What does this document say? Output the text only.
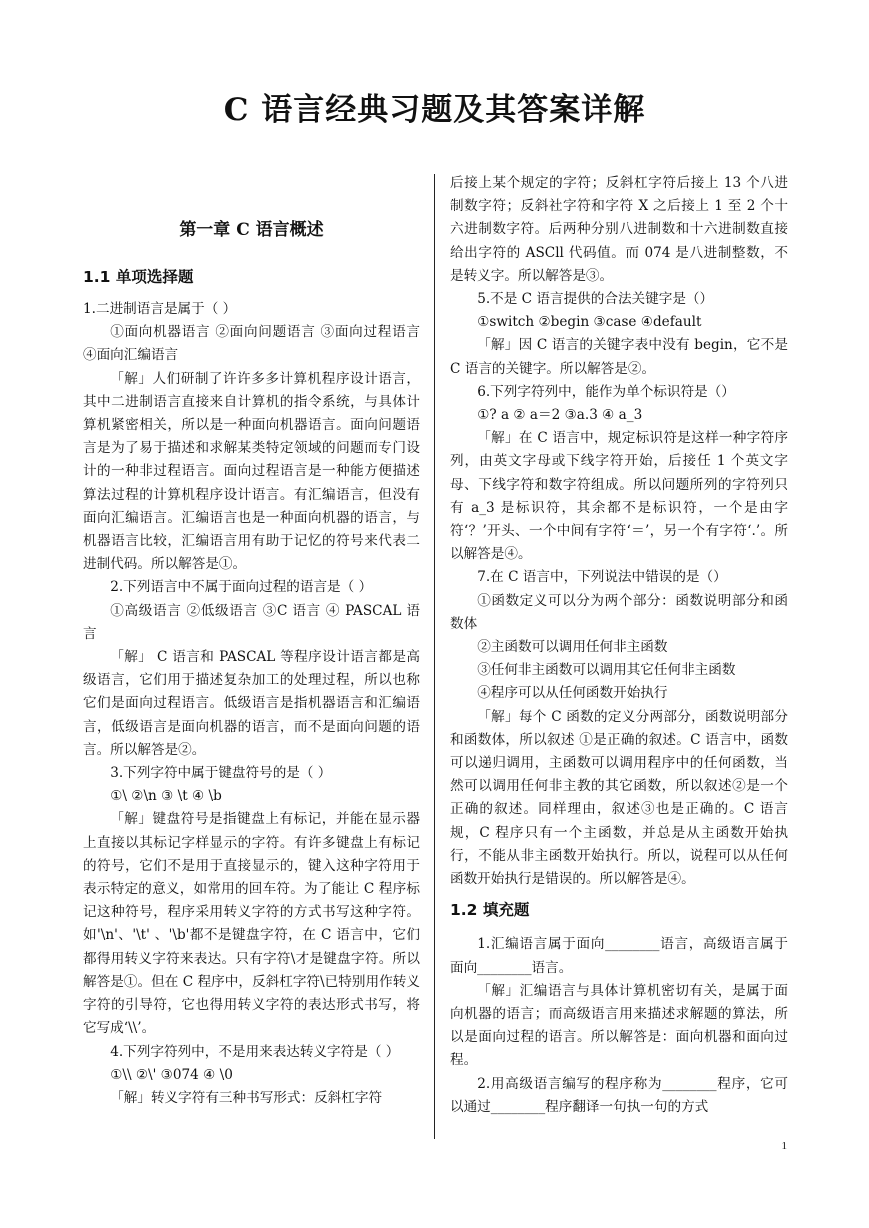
C 语言经典习题及其答案详解
第一章 C 语言概述
1.1 单项选择题

1.二进制语言是属于（ ）

①面向机器语言 ②面向问题语言 ③面向过程语言 ④面向汇编语言

「解」人们研制了许许多多计算机程序设计语言，其中二进制语言直接来自计算机的指令系统，与具体计算机紧密相关，所以是一种面向机器语言。面向问题语言是为了易于描述和求解某类特定领域的问题而专门设计的一种非过程语言。面向过程语言是一种能方便描述算法过程的计算机程序设计语言。有汇编语言，但没有面向汇编语言。汇编语言也是一种面向机器的语言，与机器语言比较，汇编语言用有助于记忆的符号来代表二进制代码。所以解答是①。

2.下列语言中不属于面向过程的语言是（ ）

①高级语言 ②低级语言 ③C 语言 ④ PASCAL 语言

「解」 C 语言和 PASCAL 等程序设计语言都是高级语言，它们用于描述复杂加工的处理过程，所以也称它们是面向过程语言。低级语言是指机器语言和汇编语言，低级语言是面向机器的语言，而不是面向问题的语言。所以解答是②。

3.下列字符中属于键盘符号的是（ ）

①\ ②\n ③ \t ④ \b

「解」键盘符号是指键盘上有标记，并能在显示器上直接以其标记字样显示的字符。有许多键盘上有标记的符号，它们不是用于直接显示的，键入这种字符用于表示特定的意义，如常用的回车符。为了能让 C 程序标记这种符号，程序采用转义字符的方式书写这种字符。如'\n'、'\t' 、'\b'都不是键盘字符，在 C 语言中，它们都得用转义字符来表达。只有字符\才是键盘字符。所以解答是①。但在 C 程序中，反斜杠字符\已特别用作转义字符的引导符，它也得用转义字符的表达形式书写，将它写成‘\\’。

4.下列字符列中，不是用来表达转义字符是（ ）

①\\ ②\' ③074 ④ \0

「解」转义字符有三种书写形式：反斜杠字符

后接上某个规定的字符；反斜杠字符后接上 13 个八进制数字符；反斜社字符和字符 X 之后接上 1 至 2 个十六进制数字符。后两种分别八进制数和十六进制数直接给出字符的 ASCll 代码值。而 074 是八进制整数，不是转义字。所以解答是③。

5.不是 C 语言提供的合法关键字是（）

①switch ②begin ③case ④default

「解」因 C 语言的关键字表中没有 begin，它不是 C 语言的关键字。所以解答是②。

6.下列字符列中，能作为单个标识符是（）

①? a ② a＝2 ③a.3 ④ a_3

「解」在 C 语言中，规定标识符是这样一种字符序列，由英文字母或下线字符开始，后接任 1 个英文字母、下线字符和数字符组成。所以问题所列的字符列只有 a_3 是标识符，其余都不是标识符，一个是由字符‘？’开头、一个中间有字符‘＝’，另一个有字符‘.’。所以解答是④。

7.在 C 语言中，下列说法中错误的是（）

①函数定义可以分为两个部分：函数说明部分和函数体

②主函数可以调用任何非主函数

③任何非主函数可以调用其它任何非主函数

④程序可以从任何函数开始执行

「解」每个 C 函数的定义分两部分，函数说明部分和函数体，所以叙述 ①是正确的叙述。C 语言中，函数可以递归调用，主函数可以调用程序中的任何函数，当然可以调用任何非主教的其它函数，所以叙述②是一个正确的叙述。同样理由，叙述③也是正确的。C 语言规，C 程序只有一个主函数，并总是从主函数开始执行，不能从非主函数开始执行。所以，说程可以从任何函数开始执行是错误的。所以解答是④。

1.2 填充题

1.汇编语言属于面向________语言，高级语言属于面向________语言。

「解」汇编语言与具体计算机密切有关，是属于面向机器的语言；而高级语言用来描述求解题的算法，所以是面向过程的语言。所以解答是：面向机器和面向过程。

2.用高级语言编写的程序称为________程序，它可以通过________程序翻译一句执一句的方式

1
